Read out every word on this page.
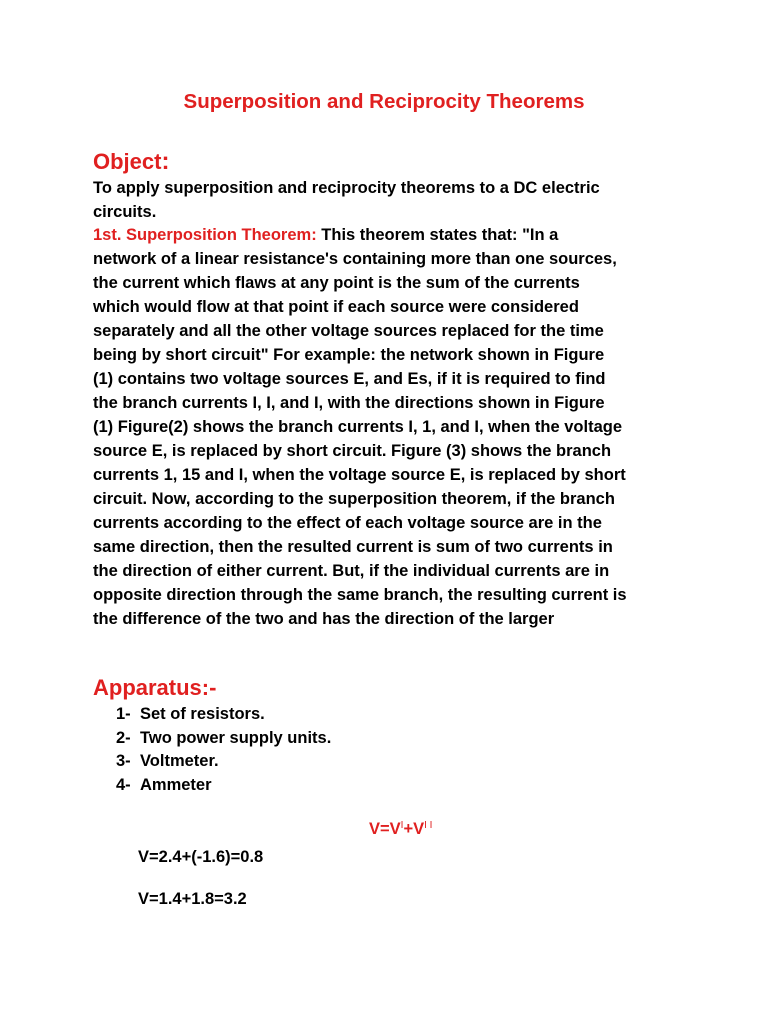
Superposition and Reciprocity Theorems
Object:
To apply superposition and reciprocity theorems to a DC electric
circuits.
1st. Superposition Theorem: This theorem states that: "In a
network of a linear resistance's containing more than one sources,
the current which flaws at any point is the sum of the currents
which would flow at that point if each source were considered
separately and all the other voltage sources replaced for the time
being by short circuit" For example: the network shown in Figure
(1) contains two voltage sources E, and Es, if it is required to find
the branch currents I, I, and I, with the directions shown in Figure
(1) Figure(2) shows the branch currents I, 1, and I, when the voltage
source E, is replaced by short circuit. Figure (3) shows the branch
currents 1, 15 and I, when the voltage source E, is replaced by short
circuit. Now, according to the superposition theorem, if the branch
currents according to the effect of each voltage source are in the
same direction, then the resulted current is sum of two currents in
the direction of either current. But, if the individual currents are in
opposite direction through the same branch, the resulting current is
the difference of the two and has the direction of the larger
Apparatus:-
1- Set of resistors.
2- Two power supply units.
3- Voltmeter.
4- Ammeter
$V=V^I+V^{I I}$
V=2.4+(-1.6)=0.8
V=1.4+1.8=3.2
